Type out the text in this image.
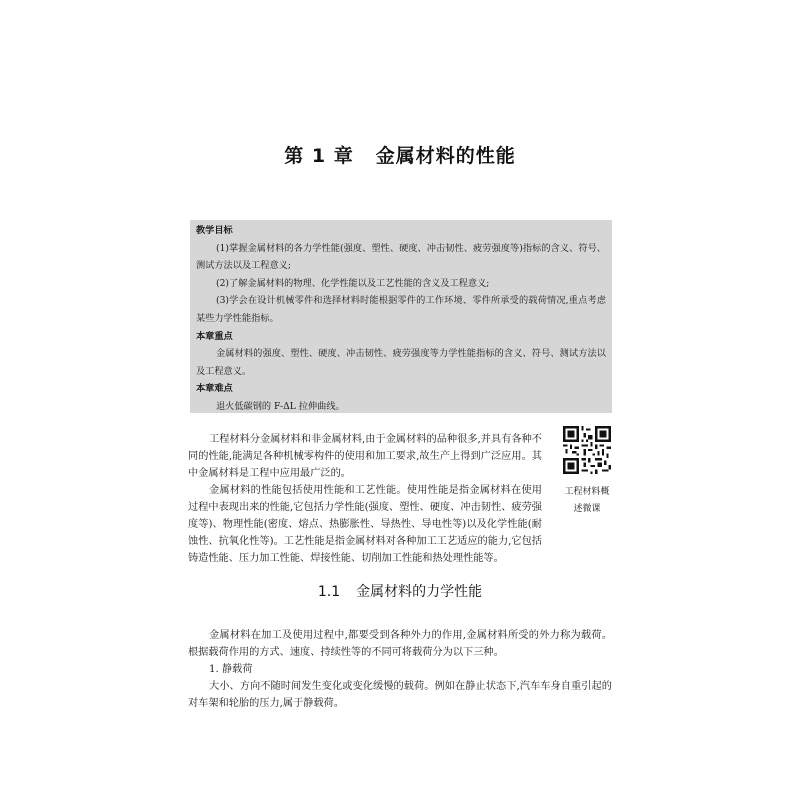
第 1 章 金属材料的性能
教学目标
(1)掌握金属材料的各力学性能(强度、塑性、硬度、冲击韧性、疲劳强度等)指标的含义、符号、测试方法以及工程意义;
(2)了解金属材料的物理、化学性能以及工艺性能的含义及工程意义;
(3)学会在设计机械零件和选择材料时能根据零件的工作环境、零件所承受的载荷情况,重点考虑某些力学性能指标。
本章重点
金属材料的强度、塑性、硬度、冲击韧性、疲劳强度等力学性能指标的含义、符号、测试方法以及工程意义。
本章难点
退火低碳钢的 F-ΔL 拉伸曲线。
工程材料分金属材料和非金属材料,由于金属材料的品种很多,并具有各种不同的性能,能满足各种机械零构件的使用和加工要求,故生产上得到广泛应用。其中金属材料是工程中应用最广泛的。
金属材料的性能包括使用性能和工艺性能。使用性能是指金属材料在使用过程中表现出来的性能,它包括力学性能(强度、塑性、硬度、冲击韧性、疲劳强度等)、物理性能(密度、熔点、热膨胀性、导热性、导电性等)以及化学性能(耐蚀性、抗氧化性等)。工艺性能是指金属材料对各种加工工艺适应的能力,它包括铸造性能、压力加工性能、焊接性能、切削加工性能和热处理性能等。
工程材料概
述微课
1.1 金属材料的力学性能
金属材料在加工及使用过程中,都要受到各种外力的作用,金属材料所受的外力称为载荷。根据载荷作用的方式、速度、持续性等的不同可将载荷分为以下三种。
1. 静载荷
大小、方向不随时间发生变化或变化缓慢的载荷。例如在静止状态下,汽车车身自重引起的对车架和轮胎的压力,属于静载荷。
